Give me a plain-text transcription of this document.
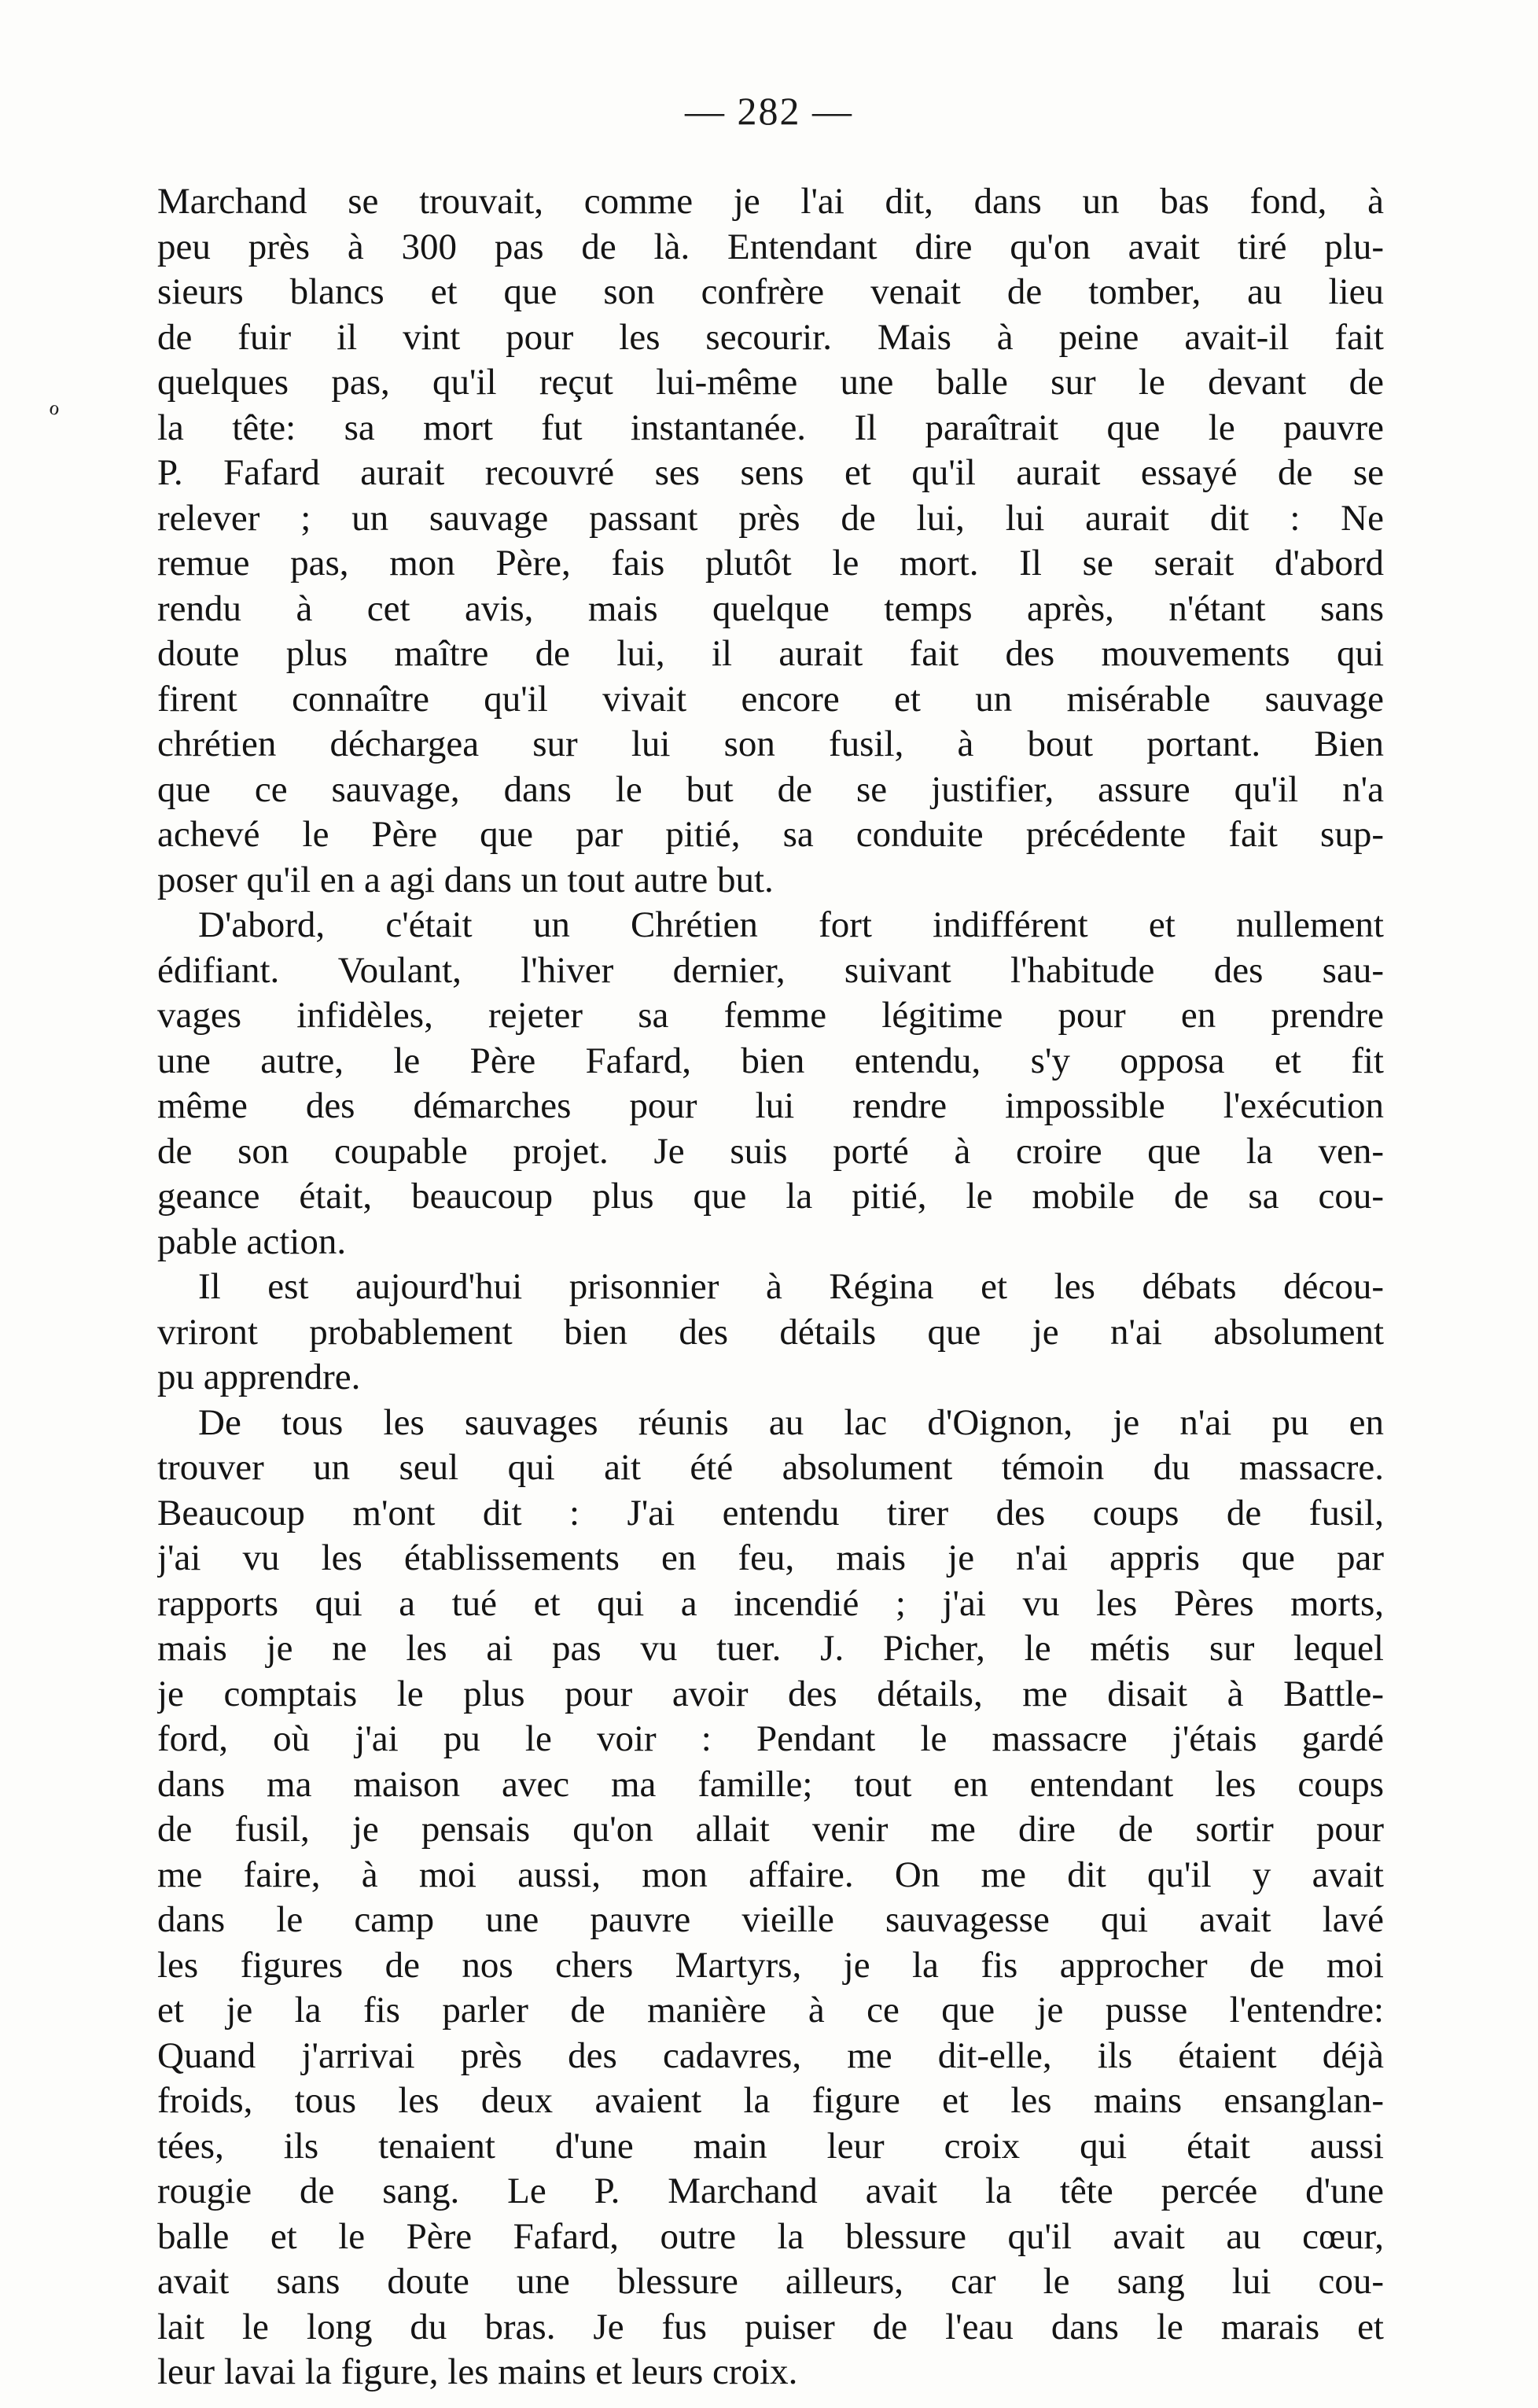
— 282 —
ℴ
Marchand se trouvait, comme je l'ai dit, dans un bas fond, à
peu près à 300 pas de là. Entendant dire qu'on avait tiré plu-
sieurs blancs et que son confrère venait de tomber, au lieu
de fuir il vint pour les secourir. Mais à peine avait-il fait
quelques pas, qu'il reçut lui-même une balle sur le devant de
la tête: sa mort fut instantanée. Il paraîtrait que le pauvre
P. Fafard aurait recouvré ses sens et qu'il aurait essayé de se
relever ; un sauvage passant près de lui, lui aurait dit : Ne
remue pas, mon Père, fais plutôt le mort. Il se serait d'abord
rendu à cet avis, mais quelque temps après, n'étant sans
doute plus maître de lui, il aurait fait des mouvements qui
firent connaître qu'il vivait encore et un misérable sauvage
chrétien déchargea sur lui son fusil, à bout portant. Bien
que ce sauvage, dans le but de se justifier, assure qu'il n'a
achevé le Père que par pitié, sa conduite précédente fait sup-
poser qu'il en a agi dans un tout autre but.
D'abord, c'était un Chrétien fort indifférent et nullement
édifiant. Voulant, l'hiver dernier, suivant l'habitude des sau-
vages infidèles, rejeter sa femme légitime pour en prendre
une autre, le Père Fafard, bien entendu, s'y opposa et fit
même des démarches pour lui rendre impossible l'exécution
de son coupable projet. Je suis porté à croire que la ven-
geance était, beaucoup plus que la pitié, le mobile de sa cou-
pable action.
Il est aujourd'hui prisonnier à Régina et les débats décou-
vriront probablement bien des détails que je n'ai absolument
pu apprendre.
De tous les sauvages réunis au lac d'Oignon, je n'ai pu en
trouver un seul qui ait été absolument témoin du massacre.
Beaucoup m'ont dit : J'ai entendu tirer des coups de fusil,
j'ai vu les établissements en feu, mais je n'ai appris que par
rapports qui a tué et qui a incendié ; j'ai vu les Pères morts,
mais je ne les ai pas vu tuer. J. Picher, le métis sur lequel
je comptais le plus pour avoir des détails, me disait à Battle-
ford, où j'ai pu le voir : Pendant le massacre j'étais gardé
dans ma maison avec ma famille; tout en entendant les coups
de fusil, je pensais qu'on allait venir me dire de sortir pour
me faire, à moi aussi, mon affaire. On me dit qu'il y avait
dans le camp une pauvre vieille sauvagesse qui avait lavé
les figures de nos chers Martyrs, je la fis approcher de moi
et je la fis parler de manière à ce que je pusse l'entendre:
Quand j'arrivai près des cadavres, me dit-elle, ils étaient déjà
froids, tous les deux avaient la figure et les mains ensanglan-
tées, ils tenaient d'une main leur croix qui était aussi
rougie de sang. Le P. Marchand avait la tête percée d'une
balle et le Père Fafard, outre la blessure qu'il avait au cœur,
avait sans doute une blessure ailleurs, car le sang lui cou-
lait le long du bras. Je fus puiser de l'eau dans le marais et
leur lavai la figure, les mains et leurs croix.
